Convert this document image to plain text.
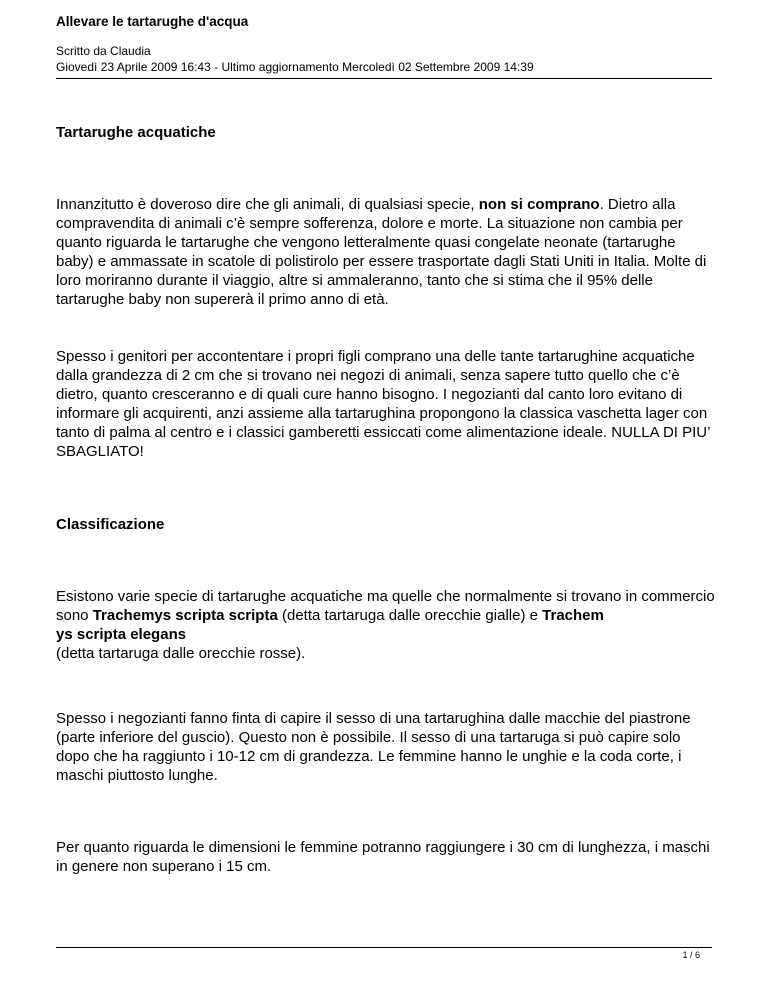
Allevare le tartarughe d'acqua
Scritto da Claudia
Giovedì 23 Aprile 2009 16:43 - Ultimo aggiornamento Mercoledì 02 Settembre 2009 14:39
Tartarughe acquatiche

Innanzitutto è doveroso dire che gli animali, di qualsiasi specie, non si comprano. Dietro alla compravendita di animali c’è sempre sofferenza, dolore e morte. La situazione non cambia per quanto riguarda le tartarughe che vengono letteralmente quasi congelate neonate (tartarughe baby) e ammassate in scatole di polistirolo per essere trasportate dagli Stati Uniti in Italia. Molte di loro moriranno durante il viaggio, altre si ammaleranno, tanto che si stima che il 95% delle tartarughe baby non supererà il primo anno di età.

Spesso i genitori per accontentare i propri figli comprano una delle tante tartarughine acquatiche dalla grandezza di 2 cm che si trovano nei negozi di animali, senza sapere tutto quello che c’è dietro, quanto cresceranno e di quali cure hanno bisogno. I negozianti dal canto loro evitano di informare gli acquirenti, anzi assieme alla tartarughina propongono la classica vaschetta lager con tanto di palma al centro e i classici gamberetti essiccati come alimentazione ideale. NULLA DI PIU’ SBAGLIATO!

Classificazione

Esistono varie specie di tartarughe acquatiche ma quelle che normalmente si trovano in commercio sono Trachemys scripta scripta (detta tartaruga dalle orecchie gialle) e Trachem
ys scripta elegans
(detta tartaruga dalle orecchie rosse).

Spesso i negozianti fanno finta di capire il sesso di una tartarughina dalle macchie del piastrone (parte inferiore del guscio). Questo non è possibile. Il sesso di una tartaruga si può capire solo dopo che ha raggiunto i 10-12 cm di grandezza. Le femmine hanno le unghie e la coda corte, i maschi piuttosto lunghe.

Per quanto riguarda le dimensioni le femmine potranno raggiungere i 30 cm di lunghezza, i maschi in genere non superano i 15 cm.

1 / 6
